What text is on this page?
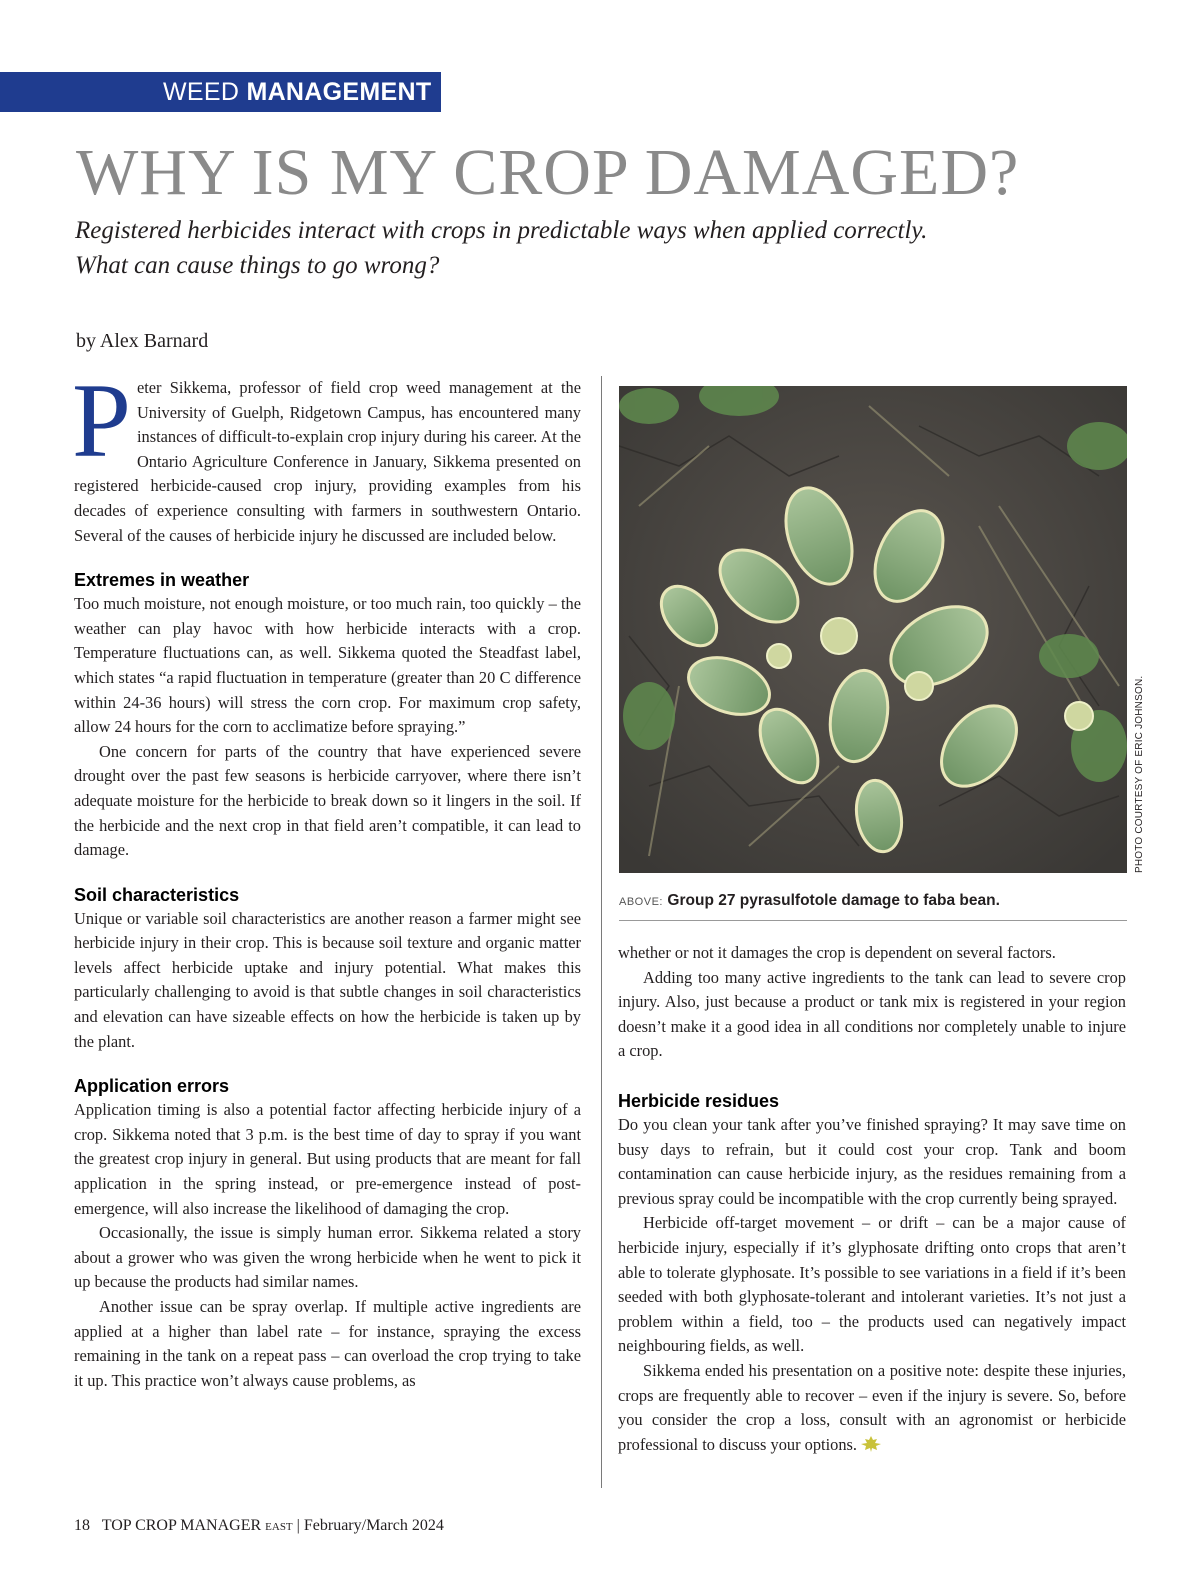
WEED MANAGEMENT
WHY IS MY CROP DAMAGED?

Registered herbicides interact with crops in predictable ways when applied correctly.
What can cause things to go wrong?

by Alex Barnard

Peter Sikkema, professor of field crop weed management at the University of Guelph, Ridgetown Campus, has encountered many instances of difficult-to-explain crop injury during his career. At the Ontario Agriculture Conference in January, Sikkema presented on registered herbicide-caused crop injury, providing examples from his decades of experience consulting with farmers in southwestern Ontario. Several of the causes of herbicide injury he discussed are included below.

Extremes in weather

Too much moisture, not enough moisture, or too much rain, too quickly – the weather can play havoc with how herbicide interacts with a crop. Temperature fluctuations can, as well. Sikkema quoted the Steadfast label, which states “a rapid fluctuation in temperature (greater than 20 C difference within 24-36 hours) will stress the corn crop. For maximum crop safety, allow 24 hours for the corn to acclimatize before spraying.”

One concern for parts of the country that have experienced severe drought over the past few seasons is herbicide carryover, where there isn’t adequate moisture for the herbicide to break down so it lingers in the soil. If the herbicide and the next crop in that field aren’t compatible, it can lead to damage.

Soil characteristics

Unique or variable soil characteristics are another reason a farmer might see herbicide injury in their crop. This is because soil texture and organic matter levels affect herbicide uptake and injury potential. What makes this particularly challenging to avoid is that subtle changes in soil characteristics and elevation can have sizeable effects on how the herbicide is taken up by the plant.

Application errors

Application timing is also a potential factor affecting herbicide injury of a crop. Sikkema noted that 3 p.m. is the best time of day to spray if you want the greatest crop injury in general. But using products that are meant for fall application in the spring instead, or pre-emergence instead of post-emergence, will also increase the likelihood of damaging the crop.

Occasionally, the issue is simply human error. Sikkema related a story about a grower who was given the wrong herbicide when he went to pick it up because the products had similar names.

Another issue can be spray overlap. If multiple active ingredients are applied at a higher than label rate – for instance, spraying the excess remaining in the tank on a repeat pass – can overload the crop trying to take it up. This practice won’t always cause problems, as

PHOTO COURTESY OF ERIC JOHNSON.
ABOVE: Group 27 pyrasulfotole damage to faba bean.

whether or not it damages the crop is dependent on several factors.

Adding too many active ingredients to the tank can lead to severe crop injury. Also, just because a product or tank mix is registered in your region doesn’t make it a good idea in all conditions nor completely unable to injure a crop.

Herbicide residues

Do you clean your tank after you’ve finished spraying? It may save time on busy days to refrain, but it could cost your crop. Tank and boom contamination can cause herbicide injury, as the residues remaining from a previous spray could be incompatible with the crop currently being sprayed.

Herbicide off-target movement – or drift – can be a major cause of herbicide injury, especially if it’s glyphosate drifting onto crops that aren’t able to tolerate glyphosate. It’s possible to see variations in a field if it’s been seeded with both glyphosate-tolerant and intolerant varieties. It’s not just a problem within a field, too – the products used can negatively impact neighbouring fields, as well.

Sikkema ended his presentation on a positive note: despite these injuries, crops are frequently able to recover – even if the injury is severe. So, before you consider the crop a loss, consult with an agronomist or herbicide professional to discuss your options.

18 TOP CROP MANAGER EAST | February/March 2024
